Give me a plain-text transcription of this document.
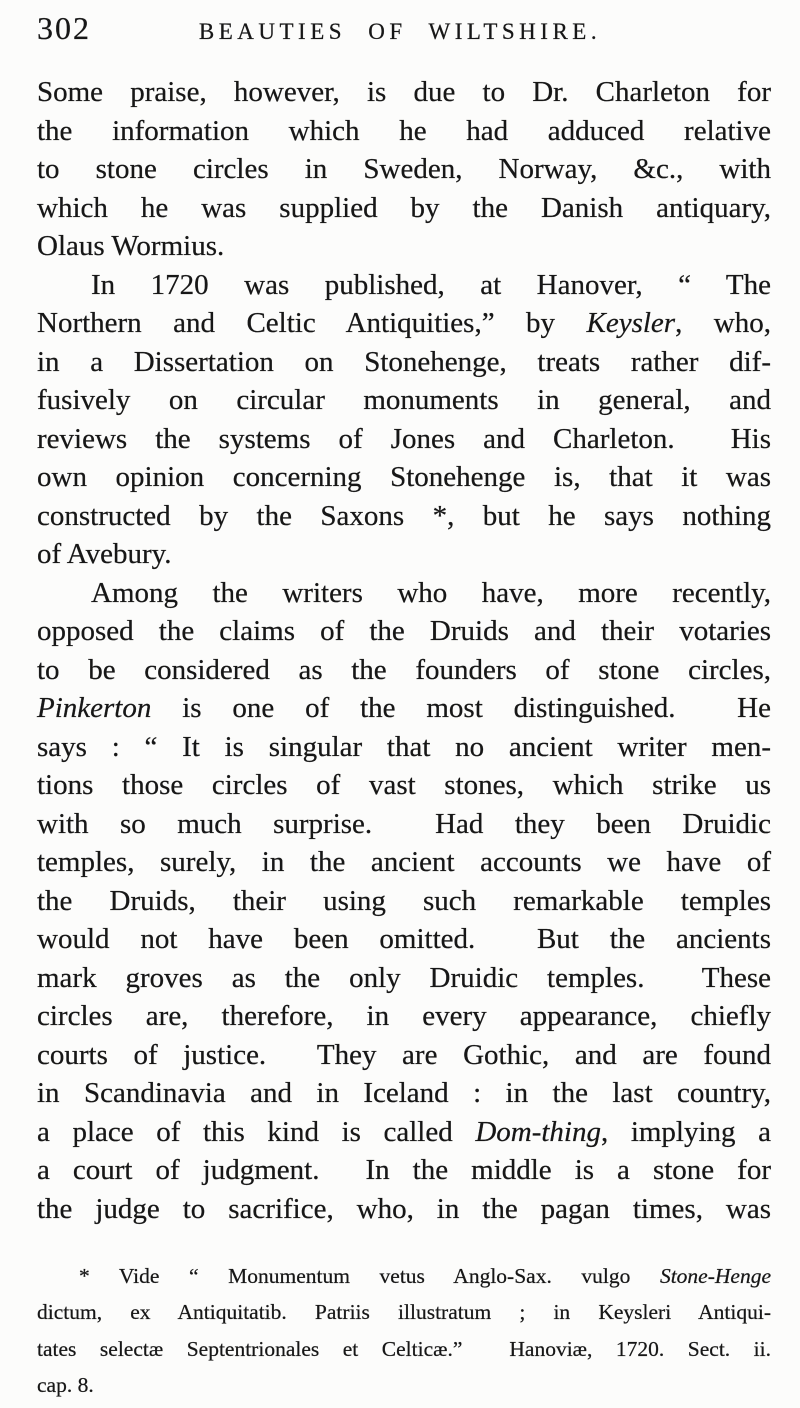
302	BEAUTIES OF WILTSHIRE.
Some praise, however, is due to Dr. Charleton for
the information which he had adduced relative
to stone circles in Sweden, Norway, &c., with
which he was supplied by the Danish antiquary,
Olaus Wormius.
In 1720 was published, at Hanover, “ The
Northern and Celtic Antiquities,” by Keysler, who,
in a Dissertation on Stonehenge, treats rather dif-
fusively on circular monuments in general, and
reviews the systems of Jones and Charleton.  His
own opinion concerning Stonehenge is, that it was
constructed by the Saxons *, but he says nothing
of Avebury.
Among the writers who have, more recently,
opposed the claims of the Druids and their votaries
to be considered as the founders of stone circles,
Pinkerton is one of the most distinguished.  He
says : “ It is singular that no ancient writer men-
tions those circles of vast stones, which strike us
with so much surprise.  Had they been Druidic
temples, surely, in the ancient accounts we have of
the Druids, their using such remarkable temples
would not have been omitted.  But the ancients
mark groves as the only Druidic temples.  These
circles are, therefore, in every appearance, chiefly
courts of justice.  They are Gothic, and are found
in Scandinavia and in Iceland : in the last country,
a place of this kind is called Dom-thing, implying a
a court of judgment.  In the middle is a stone for
the judge to sacrifice, who, in the pagan times, was
* Vide “ Monumentum vetus Anglo-Sax. vulgo Stone-Henge
dictum, ex Antiquitatib. Patriis illustratum ; in Keysleri Antiqui-
tates selectæ Septentrionales et Celticæ.”  Hanoviæ, 1720. Sect. ii.
cap. 8.
